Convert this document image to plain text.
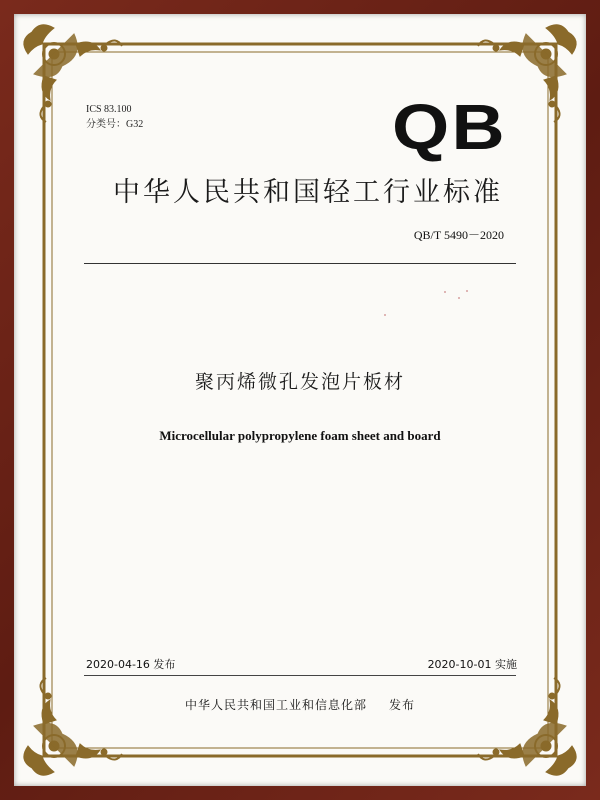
ICS 83.100
分类号：G32	QB
中华人民共和国轻工行业标准
QB/T 5490－2020
聚丙烯微孔发泡片板材
Microcellular polypropylene foam sheet and board
2020-04-16 发布	2020-10-01 实施
中华人民共和国工业和信息化部 发布
